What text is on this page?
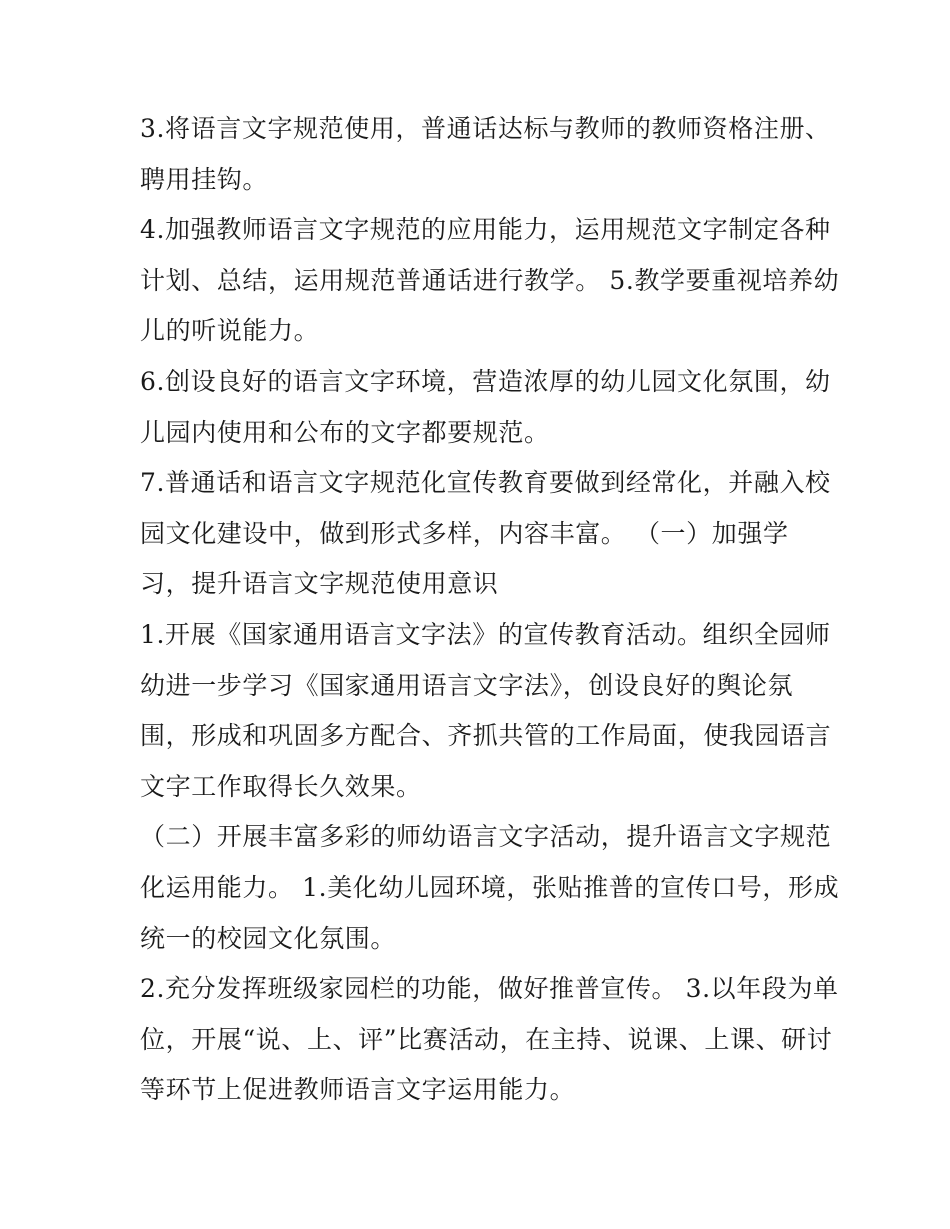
3.将语言文字规范使用，普通话达标与教师的教师资格注册、
聘用挂钩。
4.加强教师语言文字规范的应用能力，运用规范文字制定各种
计划、总结，运用规范普通话进行教学。 5.教学要重视培养幼
儿的听说能力。
6.创设良好的语言文字环境，营造浓厚的幼儿园文化氛围，幼
儿园内使用和公布的文字都要规范。
7.普通话和语言文字规范化宣传教育要做到经常化，并融入校
园文化建设中，做到形式多样，内容丰富。 （一）加强学
习，提升语言文字规范使用意识
1.开展《国家通用语言文字法》的宣传教育活动。组织全园师
幼进一步学习《国家通用语言文字法》，创设良好的舆论氛
围，形成和巩固多方配合、齐抓共管的工作局面，使我园语言
文字工作取得长久效果。
（二）开展丰富多彩的师幼语言文字活动，提升语言文字规范
化运用能力。 1.美化幼儿园环境，张贴推普的宣传口号，形成
统一的校园文化氛围。
2.充分发挥班级家园栏的功能，做好推普宣传。 3.以年段为单
位，开展“说、上、评”比赛活动，在主持、说课、上课、研讨
等环节上促进教师语言文字运用能力。
